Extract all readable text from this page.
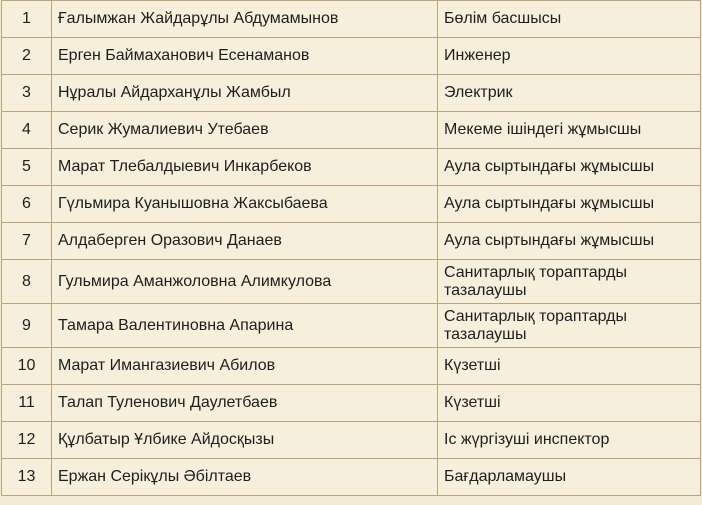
1	Ғалымжан Жайдарұлы Абдумамынов	Бөлім басшысы
2	Ерген Баймаханович Есенаманов	Инженер
3	Нұралы Айдарханұлы Жамбыл	Электрик
4	Серик Жумалиевич Утебаев	Мекеме ішіндегі жұмысшы
5	Марат Тлебалдыевич Инкарбеков	Аула сыртындағы жұмысшы
6	Гүльмира Куанышовна Жаксыбаева	Аула сыртындағы жұмысшы
7	Алдаберген Оразович Данаев	Аула сыртындағы жұмысшы
8	Гульмира Аманжоловна Алимкулова	Санитарлық тораптарды тазалаушы
9	Тамара Валентиновна Апарина	Санитарлық тораптарды тазалаушы
10	Марат Имангазиевич Абилов	Күзетші
11	Талап Туленович Даулетбаев	Күзетші
12	Құлбатыр Ұлбике Айдосқызы	Іс жүргізуші инспектор
13	Ержан Серікұлы Әбілтаев	Бағдарламаушы
